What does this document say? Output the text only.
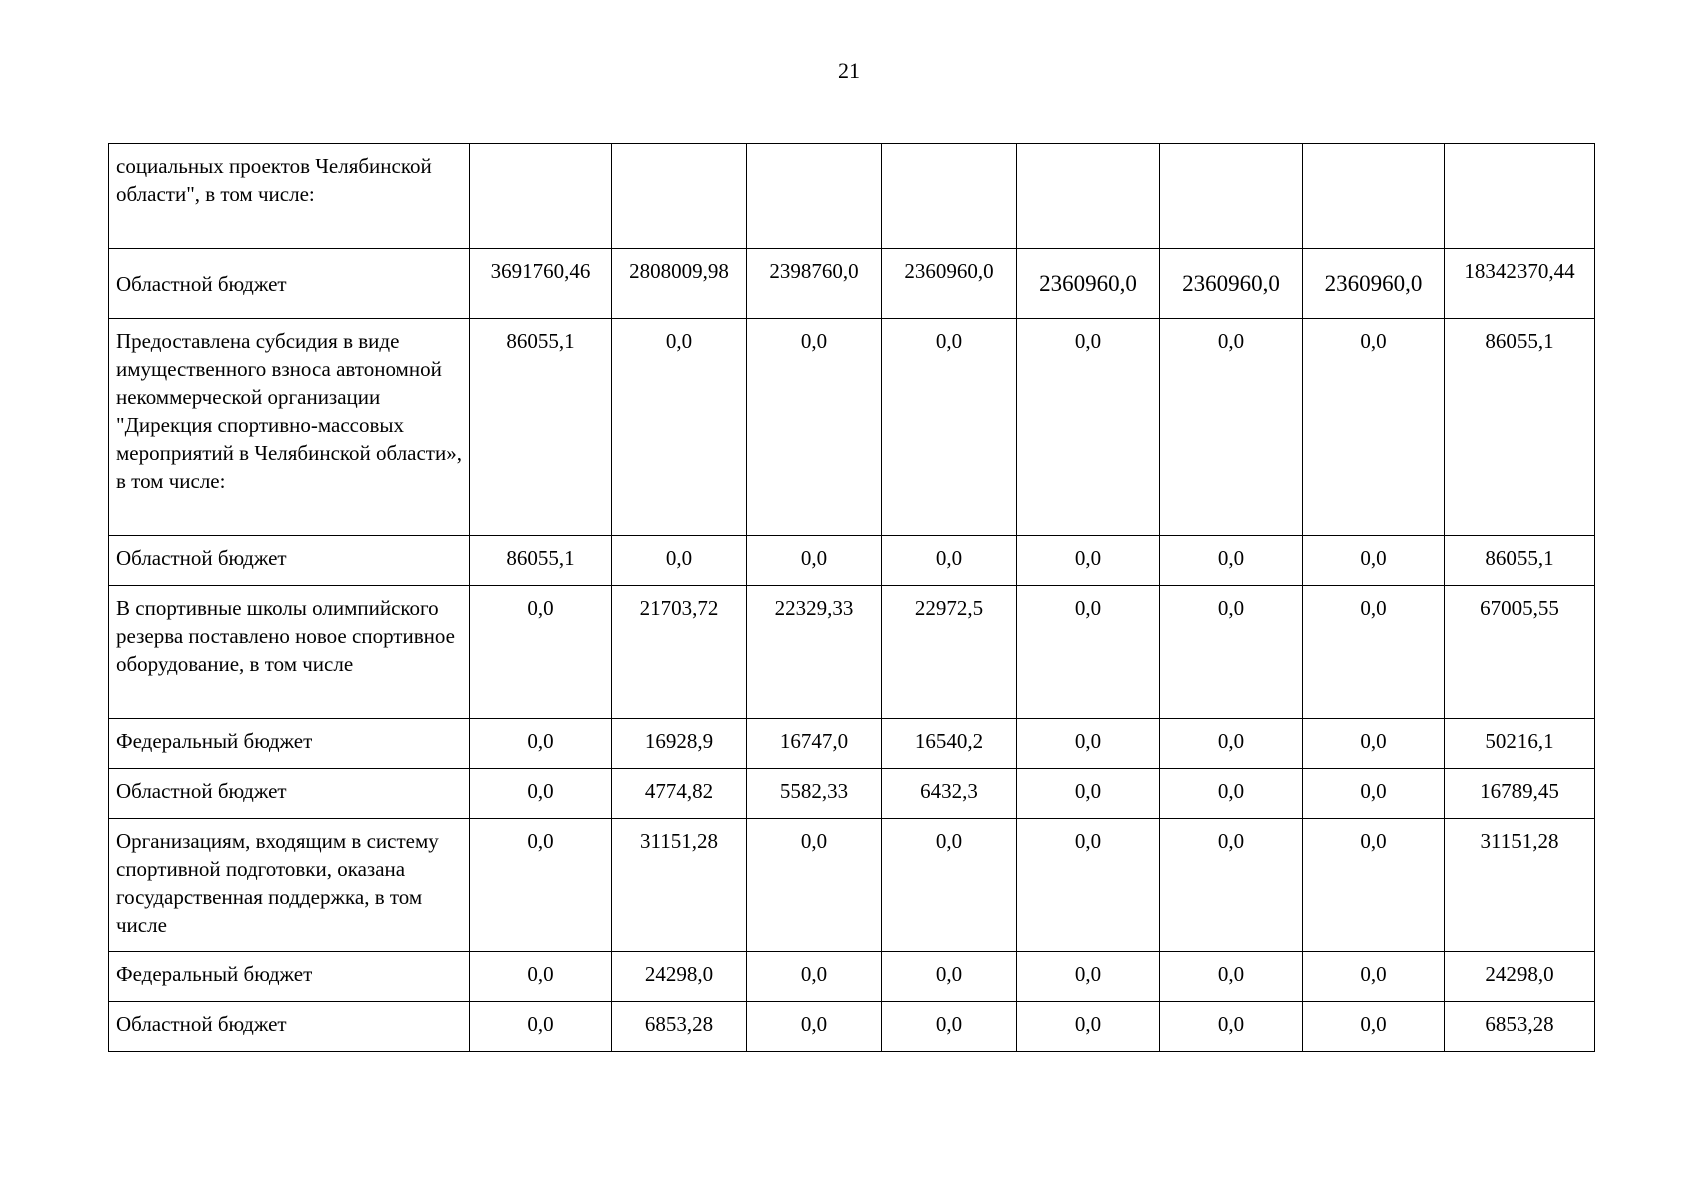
21
социальных проектов Челябинской области", в том числе:								
Областной бюджет	3691760,46	2808009,98	2398760,0	2360960,0	2360960,0	2360960,0	2360960,0	18342370,44
Предоставлена субсидия в виде имущественного взноса автономной некоммерческой организации "Дирекция спортивно-массовых мероприятий в Челябинской области», в том числе:	86055,1	0,0	0,0	0,0	0,0	0,0	0,0	86055,1
Областной бюджет	86055,1	0,0	0,0	0,0	0,0	0,0	0,0	86055,1
В спортивные школы олимпийского резерва поставлено новое спортивное оборудование, в том числе	0,0	21703,72	22329,33	22972,5	0,0	0,0	0,0	67005,55
Федеральный бюджет	0,0	16928,9	16747,0	16540,2	0,0	0,0	0,0	50216,1
Областной бюджет	0,0	4774,82	5582,33	6432,3	0,0	0,0	0,0	16789,45
Организациям, входящим в систему спортивной подготовки, оказана государственная поддержка, в том числе	0,0	31151,28	0,0	0,0	0,0	0,0	0,0	31151,28
Федеральный бюджет	0,0	24298,0	0,0	0,0	0,0	0,0	0,0	24298,0
Областной бюджет	0,0	6853,28	0,0	0,0	0,0	0,0	0,0	6853,28
